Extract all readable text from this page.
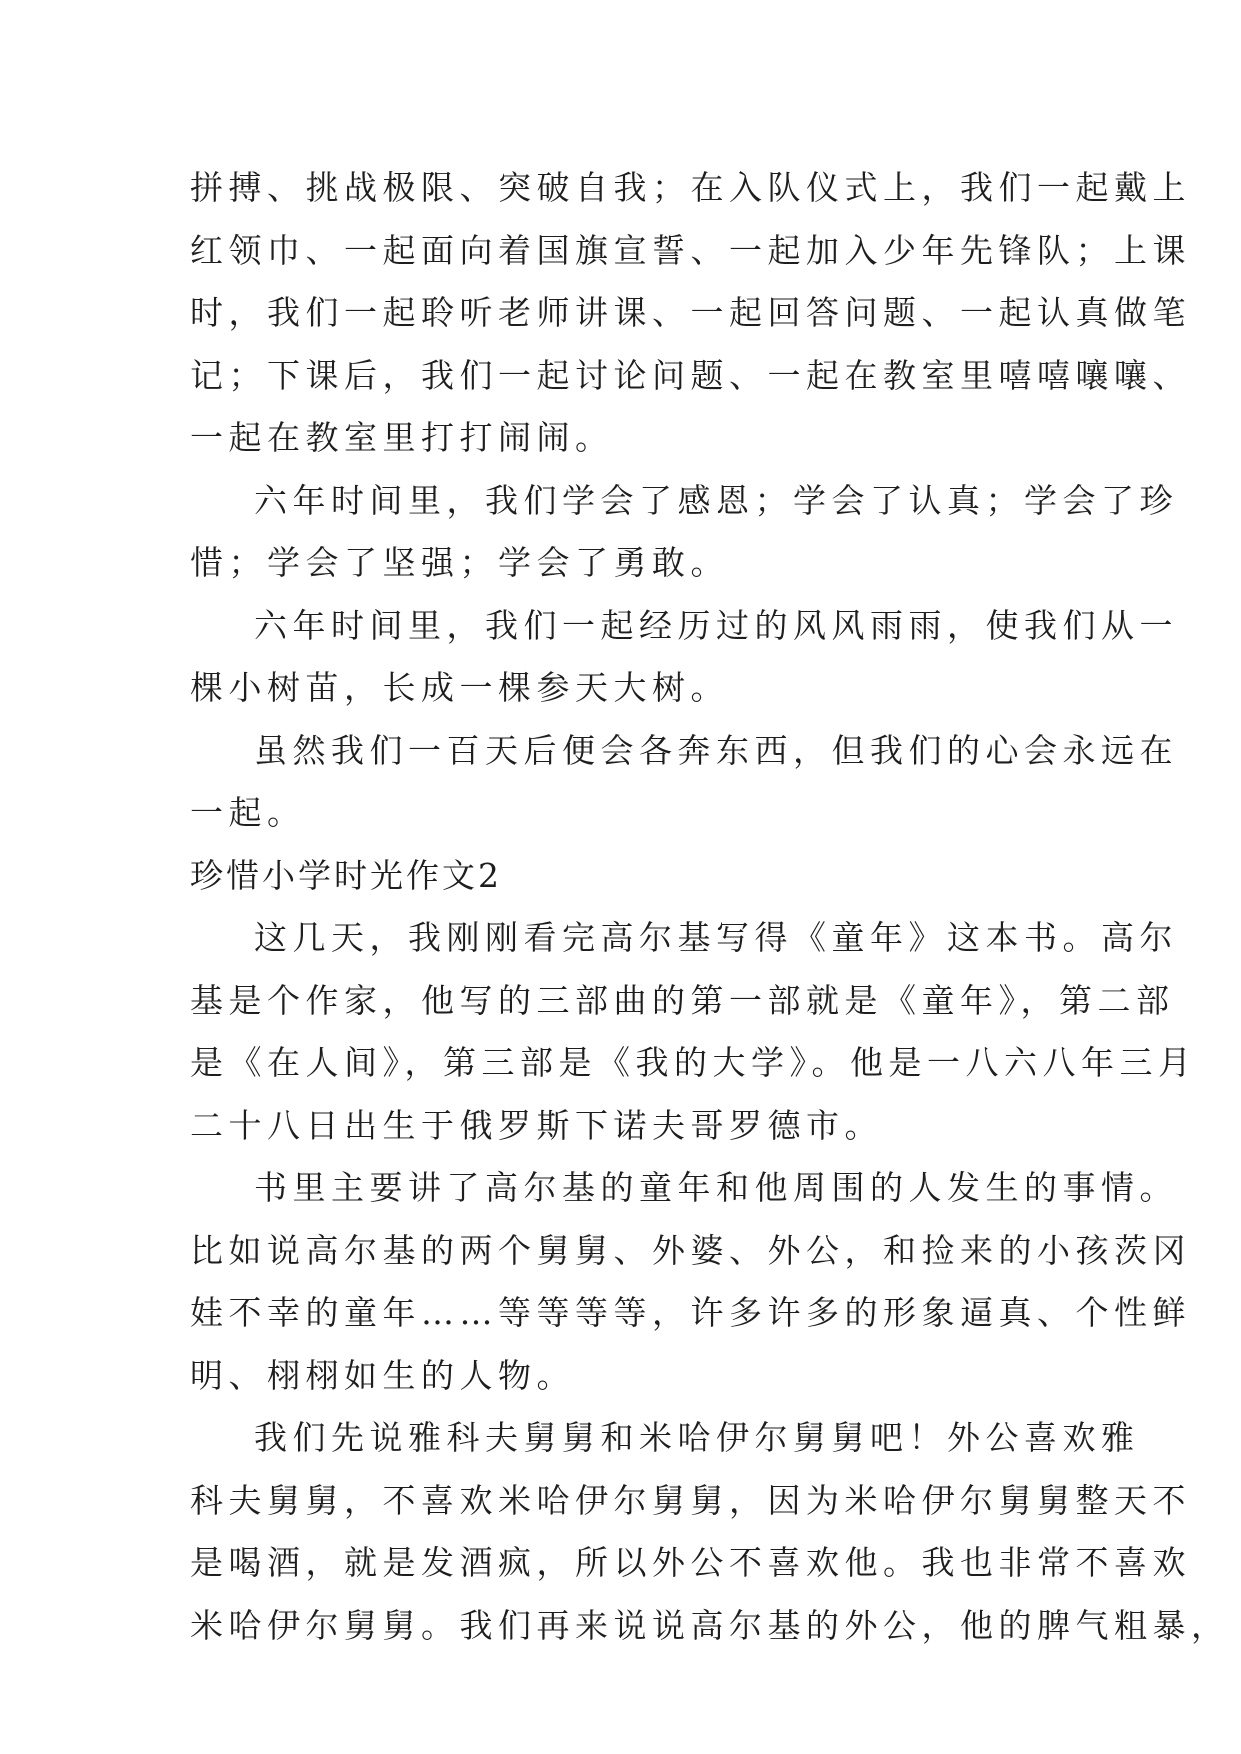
拼搏、挑战极限、突破自我；在入队仪式上，我们一起戴上

红领巾、一起面向着国旗宣誓、一起加入少年先锋队；上课

时，我们一起聆听老师讲课、一起回答问题、一起认真做笔

记；下课后，我们一起讨论问题、一起在教室里嘻嘻嚷嚷、

一起在教室里打打闹闹。

六年时间里，我们学会了感恩；学会了认真；学会了珍

惜；学会了坚强；学会了勇敢。

六年时间里，我们一起经历过的风风雨雨，使我们从一

棵小树苗，长成一棵参天大树。

虽然我们一百天后便会各奔东西，但我们的心会永远在

一起。

珍惜小学时光作文2

这几天，我刚刚看完高尔基写得《童年》这本书。高尔

基是个作家，他写的三部曲的第一部就是《童年》，第二部

是《在人间》，第三部是《我的大学》。他是一八六八年三月

二十八日出生于俄罗斯下诺夫哥罗德市。

书里主要讲了高尔基的童年和他周围的人发生的事情。

比如说高尔基的两个舅舅、外婆、外公，和捡来的小孩茨冈

娃不幸的童年……等等等等，许多许多的形象逼真、个性鲜

明、栩栩如生的人物。

我们先说雅科夫舅舅和米哈伊尔舅舅吧！外公喜欢雅

科夫舅舅，不喜欢米哈伊尔舅舅，因为米哈伊尔舅舅整天不

是喝酒，就是发酒疯，所以外公不喜欢他。我也非常不喜欢

米哈伊尔舅舅。我们再来说说高尔基的外公，他的脾气粗暴，
